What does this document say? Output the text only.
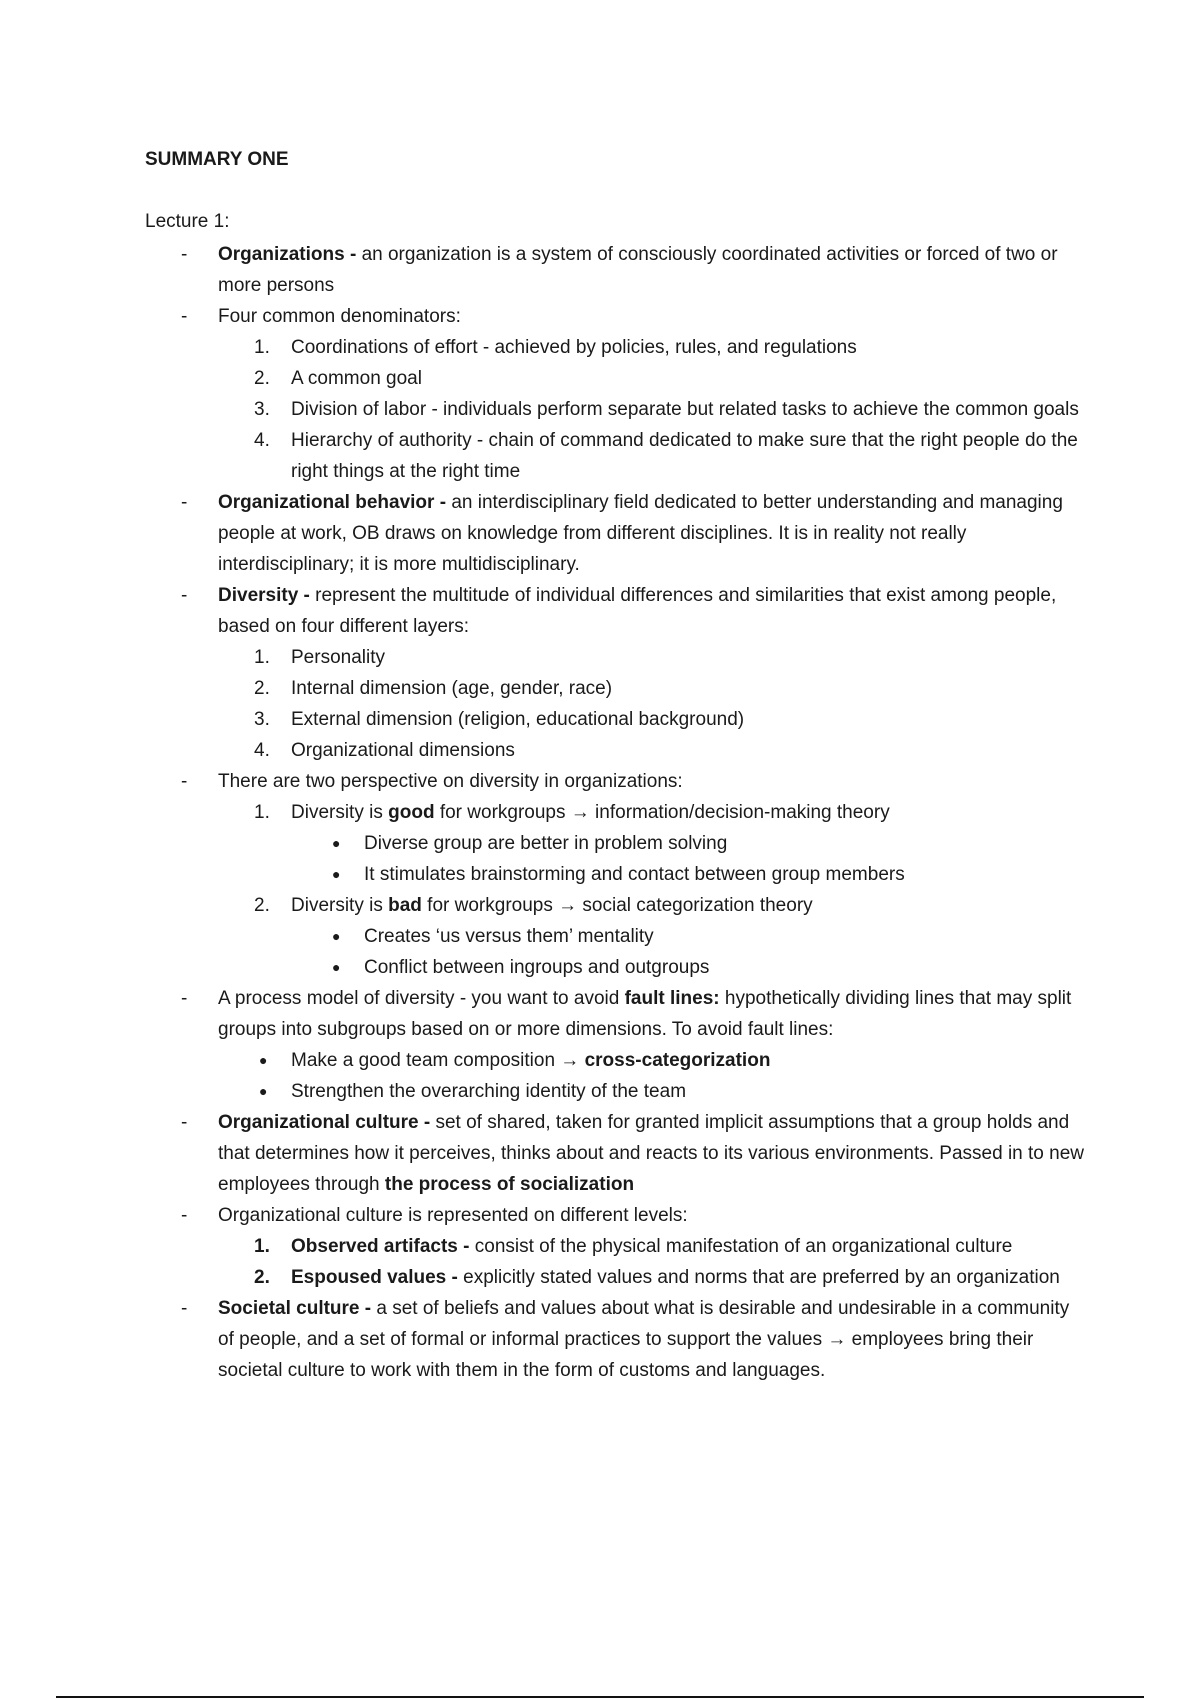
SUMMARY ONE
Lecture 1:
- Organizations - an organization is a system of consciously coordinated activities or forced of two or more persons
- Four common denominators:
1. Coordinations of effort - achieved by policies, rules, and regulations
2. A common goal
3. Division of labor - individuals perform separate but related tasks to achieve the common goals
4. Hierarchy of authority - chain of command dedicated to make sure that the right people do the right things at the right time
- Organizational behavior - an interdisciplinary field dedicated to better understanding and managing people at work, OB draws on knowledge from different disciplines. It is in reality not really interdisciplinary; it is more multidisciplinary.
- Diversity - represent the multitude of individual differences and similarities that exist among people, based on four different layers:
1. Personality
2. Internal dimension (age, gender, race)
3. External dimension (religion, educational background)
4. Organizational dimensions
- There are two perspective on diversity in organizations:
1. Diversity is good for workgroups → information/decision-making theory
● Diverse group are better in problem solving
● It stimulates brainstorming and contact between group members
2. Diversity is bad for workgroups → social categorization theory
● Creates ‘us versus them’ mentality
● Conflict between ingroups and outgroups
- A process model of diversity - you want to avoid fault lines: hypothetically dividing lines that may split groups into subgroups based on or more dimensions. To avoid fault lines:
● Make a good team composition → cross-categorization
● Strengthen the overarching identity of the team
- Organizational culture - set of shared, taken for granted implicit assumptions that a group holds and that determines how it perceives, thinks about and reacts to its various environments. Passed in to new employees through the process of socialization
- Organizational culture is represented on different levels:
1. Observed artifacts - consist of the physical manifestation of an organizational culture
2. Espoused values - explicitly stated values and norms that are preferred by an organization
- Societal culture - a set of beliefs and values about what is desirable and undesirable in a community of people, and a set of formal or informal practices to support the values → employees bring their societal culture to work with them in the form of customs and languages.
